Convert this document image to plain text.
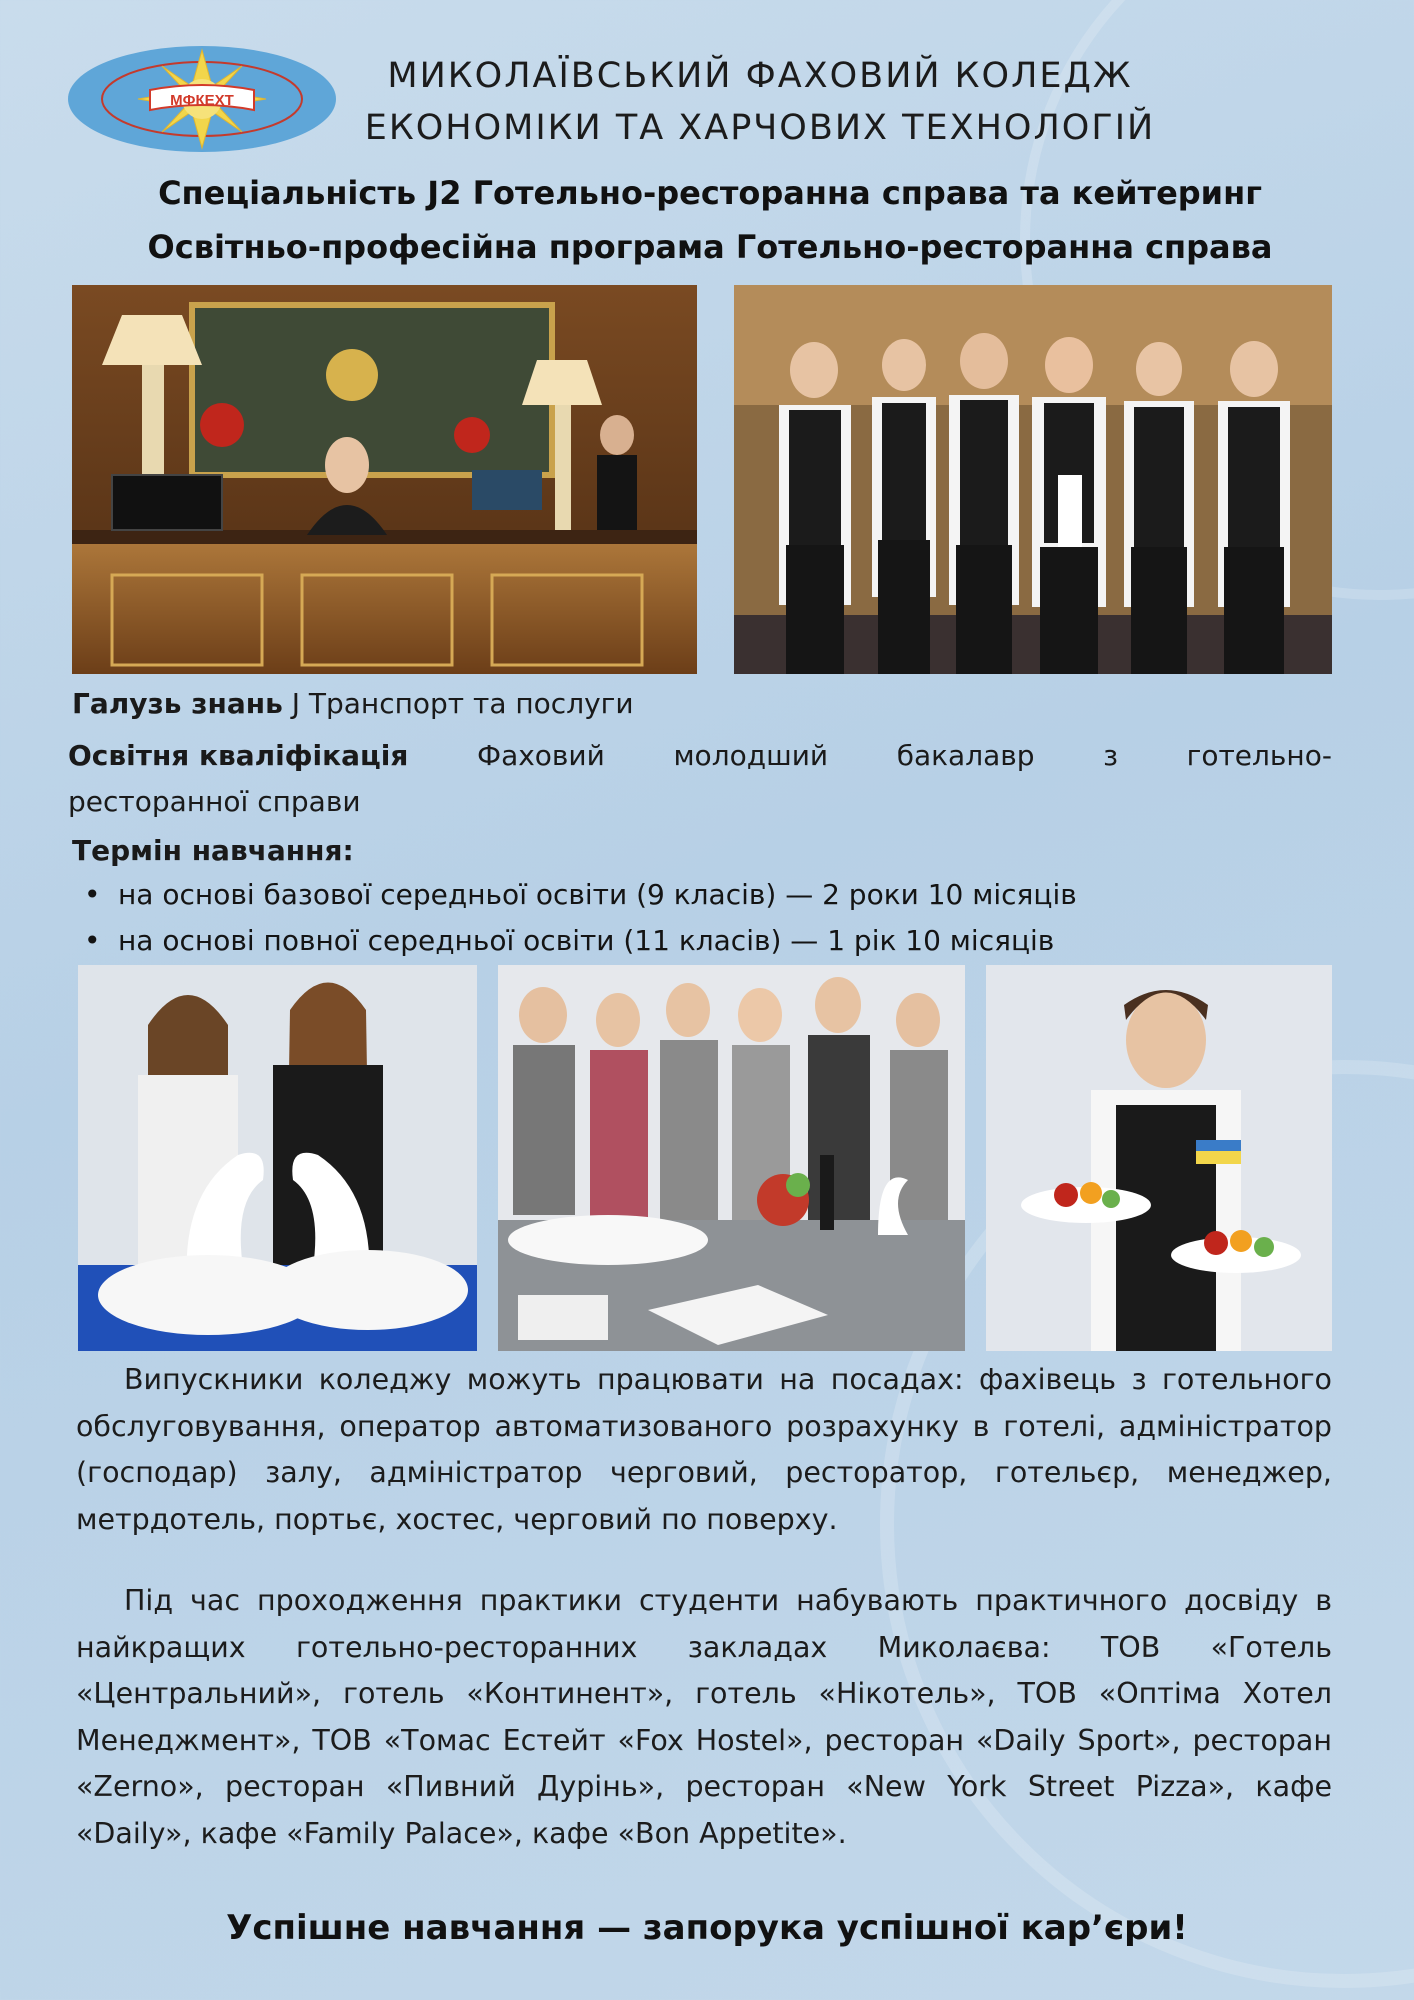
МФКЕХТ
МИКОЛАЇВСЬКИЙ ФАХОВИЙ КОЛЕДЖ
ЕКОНОМІКИ ТА ХАРЧОВИХ ТЕХНОЛОГІЙ
Спеціальність J2 Готельно-ресторанна справа та кейтеринг
Освітньо-професійна програма Готельно-ресторанна справа
Галузь знань J Транспорт та послуги
Освітня кваліфікація Фаховий молодший бакалавр з готельно-
ресторанної справи
Термін навчання:
• на основі базової середньої освіти (9 класів) — 2 роки 10 місяців
• на основі повної середньої освіти (11 класів) — 1 рік 10 місяців

Випускники коледжу можуть працювати на посадах: фахівець з готельного обслуговування, оператор автоматизованого розрахунку в готелі, адміністратор (господар) залу, адміністратор черговий, ресторатор, готельєр, менеджер, метрдотель, портьє, хостес, черговий по поверху.

Під час проходження практики студенти набувають практичного досвіду в найкращих готельно-ресторанних закладах Миколаєва: ТОВ «Готель «Центральний», готель «Континент», готель «Нікотель», ТОВ «Оптіма Хотел Менеджмент», ТОВ «Томас Естейт «Fox Hostel», ресторан «Daily Sport», ресторан «Zerno», ресторан «Пивний Дурінь», ресторан «New York Street Pizza», кафе «Daily», кафе «Family Palace», кафе «Bon Appetite».

Успішне навчання — запорука успішної кар’єри!
